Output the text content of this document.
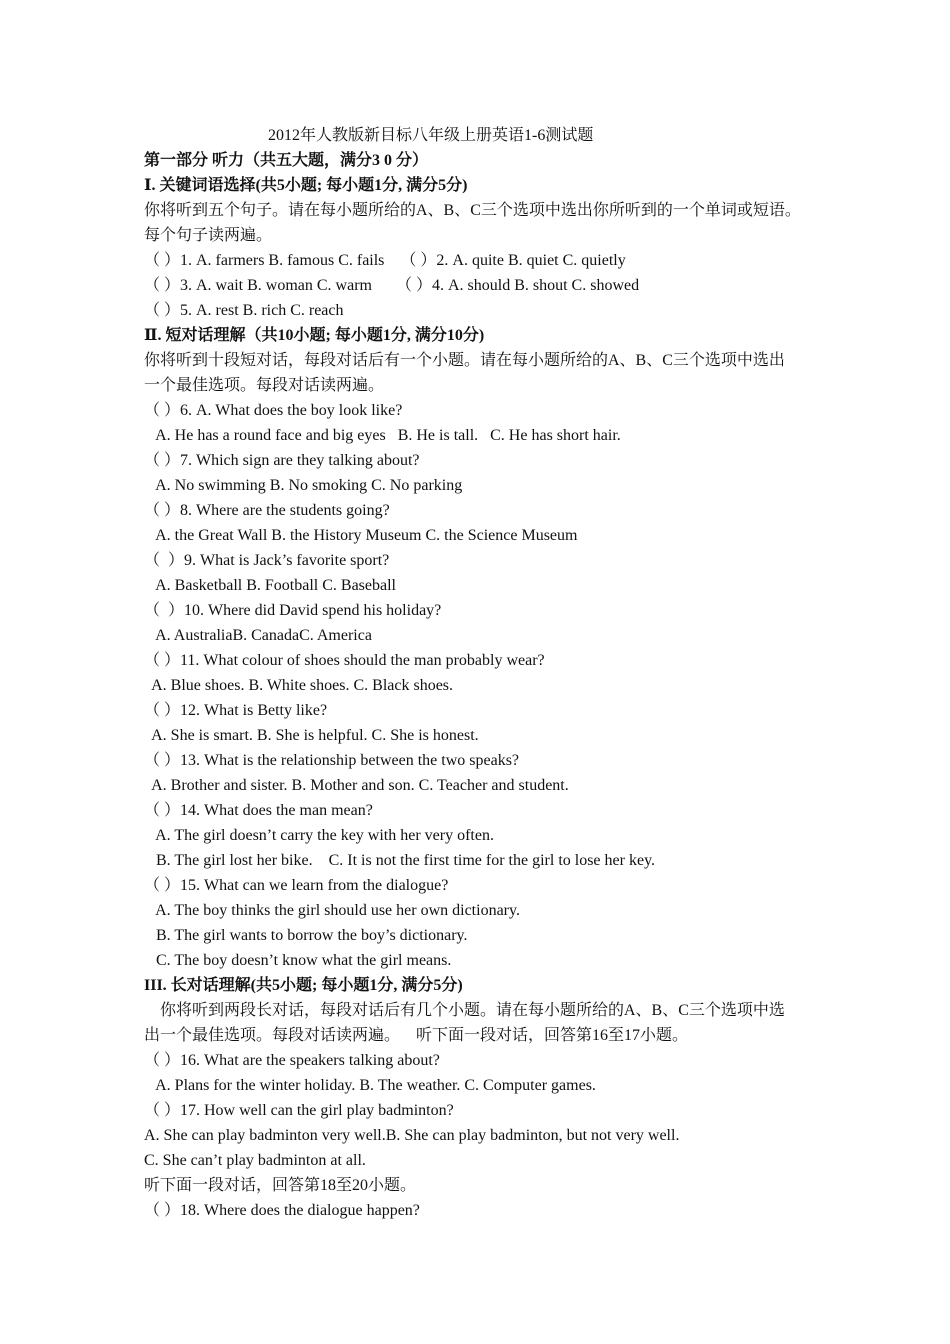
2012年人教版新目标八年级上册英语1-6测试题
第一部分 听力（共五大题，满分3 0 分）
Ⅰ. 关键词语选择(共5小题; 每小题1分, 满分5分)
你将听到五个句子。请在每小题所给的A、B、C三个选项中选出你所听到的一个单词或短语。
每个句子读两遍。
（ ）1. A. farmers B. famous C. fails    （ ）2. A. quite B. quiet C. quietly
（ ）3. A. wait B. woman C. warm      （ ）4. A. should B. shout C. showed
（ ）5. A. rest B. rich C. reach
Ⅱ. 短对话理解（共10小题; 每小题1分, 满分10分)
你将听到十段短对话，每段对话后有一个小题。请在每小题所给的A、B、C三个选项中选出
一个最佳选项。每段对话读两遍。
（ ）6. A. What does the boy look like?
A. He has a round face and big eyes   B. He is tall.   C. He has short hair.
（ ）7. Which sign are they talking about?
A. No swimming B. No smoking C. No parking
（ ）8. Where are the students going?
A. the Great Wall B. the History Museum C. the Science Museum
（  ）9. What is Jack’s favorite sport?
A. Basketball B. Football C. Baseball
（  ）10. Where did David spend his holiday?
A. AustraliaB. CanadaC. America
（ ）11. What colour of shoes should the man probably wear?
A. Blue shoes. B. White shoes. C. Black shoes.
（ ）12. What is Betty like?
A. She is smart. B. She is helpful. C. She is honest.
（ ）13. What is the relationship between the two speaks?
A. Brother and sister. B. Mother and son. C. Teacher and student.
（ ）14. What does the man mean?
A. The girl doesn’t carry the key with her very often.
B. The girl lost her bike.    C. It is not the first time for the girl to lose her key.
（ ）15. What can we learn from the dialogue?
A. The boy thinks the girl should use her own dictionary.
B. The girl wants to borrow the boy’s dictionary.
C. The boy doesn’t know what the girl means.
III. 长对话理解(共5小题; 每小题1分, 满分5分)
你将听到两段长对话，每段对话后有几个小题。请在每小题所给的A、B、C三个选项中选
出一个最佳选项。每段对话读两遍。    听下面一段对话，回答第16至17小题。
（ ）16. What are the speakers talking about?
A. Plans for the winter holiday. B. The weather. C. Computer games.
（ ）17. How well can the girl play badminton?
A. She can play badminton very well.B. She can play badminton, but not very well.
C. She can’t play badminton at all.
听下面一段对话，回答第18至20小题。
（ ）18. Where does the dialogue happen?
